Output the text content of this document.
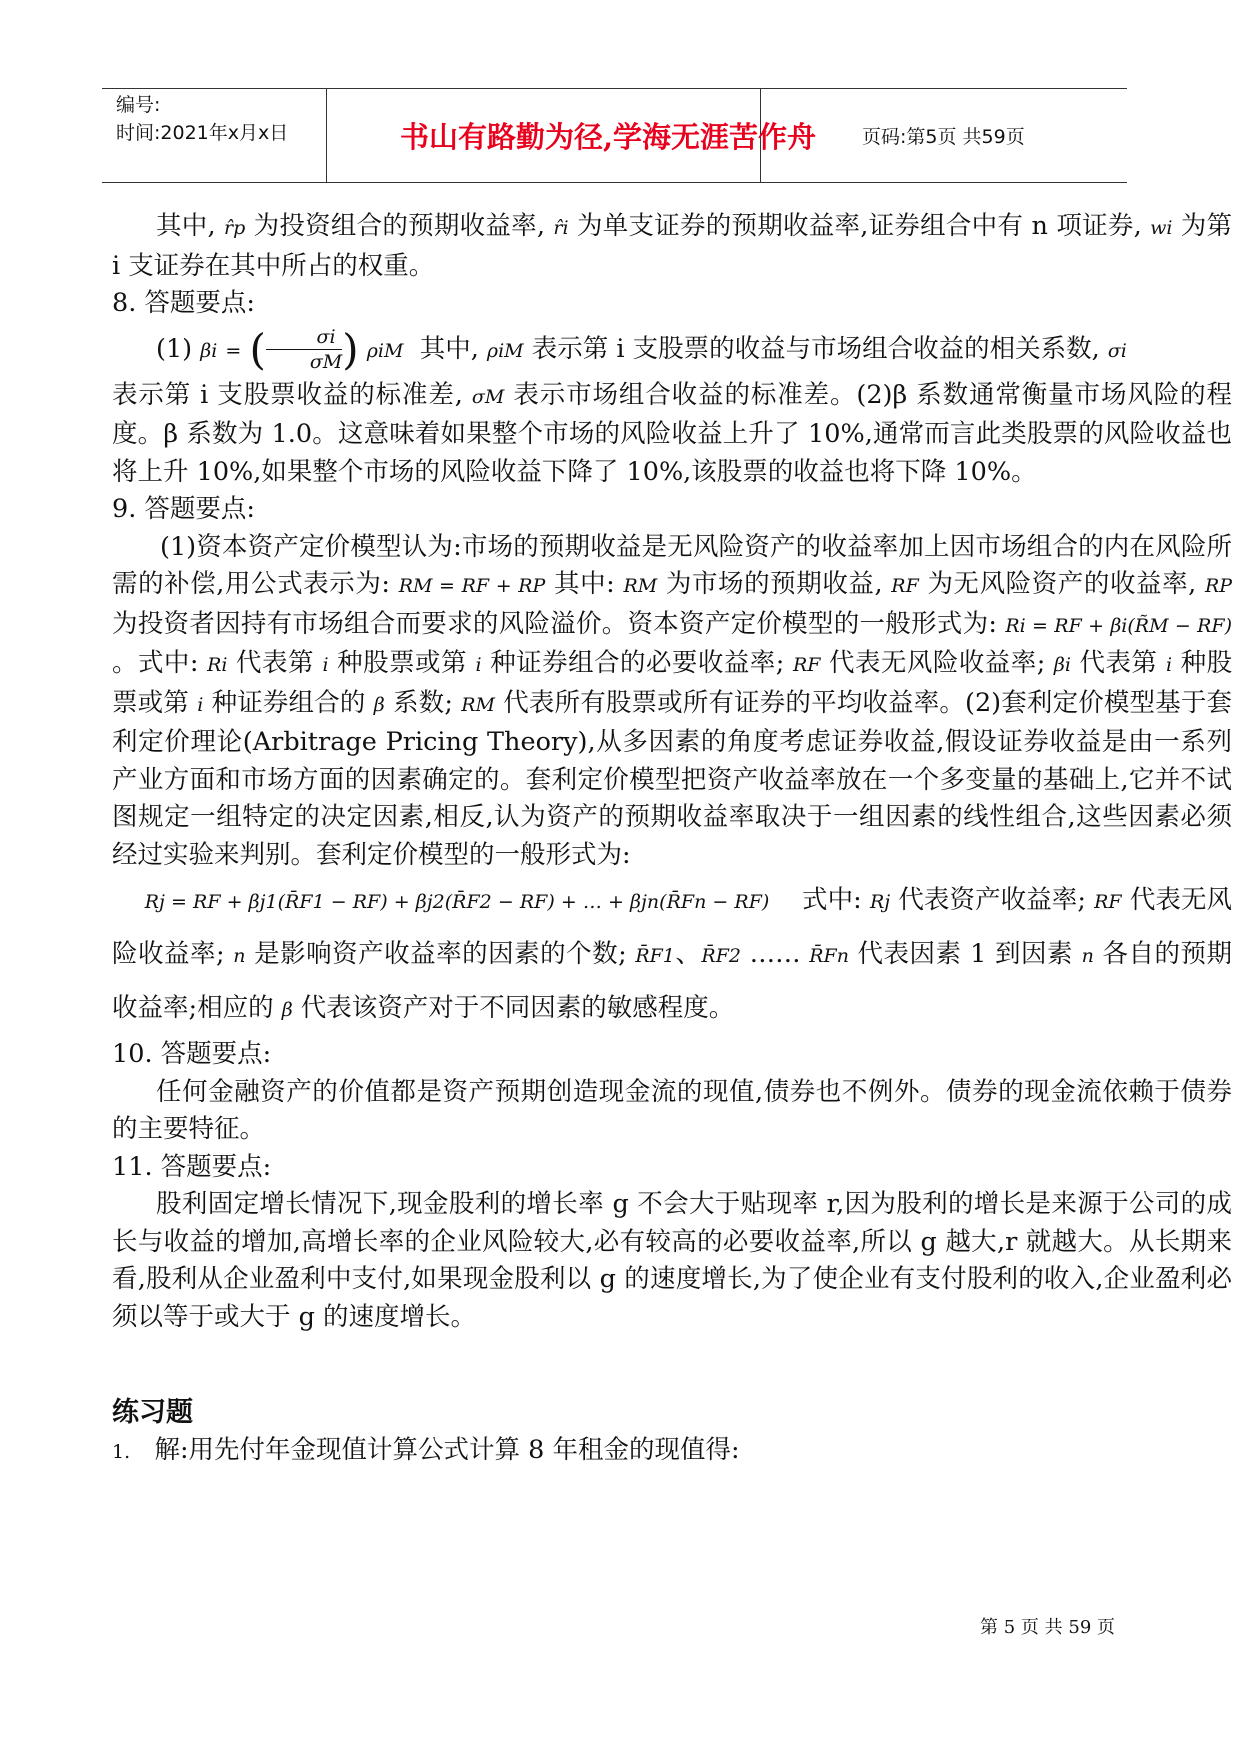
编号:
时间:2021年x月x日	书山有路勤为径,学海无涯苦作舟	页码:第5页 共59页

其中, r̂p 为投资组合的预期收益率, r̂i 为单支证券的预期收益率,证券组合中有 n 项证券, wi 为第 i 支证券在其中所占的权重。

8. 答题要点:

(1) βi = ( $\frac{\sigma i}{\sigma M}$ ) ρiM 其中, ρiM 表示第 i 支股票的收益与市场组合收益的相关系数, σi

表示第 i 支股票收益的标准差, σM 表示市场组合收益的标准差。(2)β 系数通常衡量市场风险的程度。β 系数为 1.0。这意味着如果整个市场的风险收益上升了 10%,通常而言此类股票的风险收益也将上升 10%,如果整个市场的风险收益下降了 10%,该股票的收益也将下降 10%。

9. 答题要点:

(1)资本资产定价模型认为:市场的预期收益是无风险资产的收益率加上因市场组合的内在风险所需的补偿,用公式表示为: RM = RF + RP 其中: RM 为市场的预期收益, RF 为无风险资产的收益率, RP 为投资者因持有市场组合而要求的风险溢价。资本资产定价模型的一般形式为: Ri = RF + βi(R̃M − RF) 。式中: Ri 代表第 i 种股票或第 i 种证券组合的必要收益率; RF 代表无风险收益率; βi 代表第 i 种股票或第 i 种证券组合的 β 系数; RM 代表所有股票或所有证券的平均收益率。(2)套利定价模型基于套利定价理论(Arbitrage Pricing Theory),从多因素的角度考虑证券收益,假设证券收益是由一系列产业方面和市场方面的因素确定的。套利定价模型把资产收益率放在一个多变量的基础上,它并不试图规定一组特定的决定因素,相反,认为资产的预期收益率取决于一组因素的线性组合,这些因素必须经过实验来判别。套利定价模型的一般形式为:

Rj = RF + βj1(R̄F1 − RF) + βj2(R̄F2 − RF) + … + βjn(R̄Fn − RF) 式中: Rj 代表资产收益率; RF 代表无风险收益率; n 是影响资产收益率的因素的个数; R̄F1、R̄F2 …… R̄Fn 代表因素 1 到因素 n 各自的预期收益率;相应的 β 代表该资产对于不同因素的敏感程度。

10. 答题要点:

任何金融资产的价值都是资产预期创造现金流的现值,债券也不例外。债券的现金流依赖于债券的主要特征。

11. 答题要点:

股利固定增长情况下,现金股利的增长率 g 不会大于贴现率 r,因为股利的增长是来源于公司的成长与收益的增加,高增长率的企业风险较大,必有较高的必要收益率,所以 g 越大,r 就越大。从长期来看,股利从企业盈利中支付,如果现金股利以 g 的速度增长,为了使企业有支付股利的收入,企业盈利必须以等于或大于 g 的速度增长。

练习题

1. 解:用先付年金现值计算公式计算 8 年租金的现值得:

第 5 页 共 59 页
